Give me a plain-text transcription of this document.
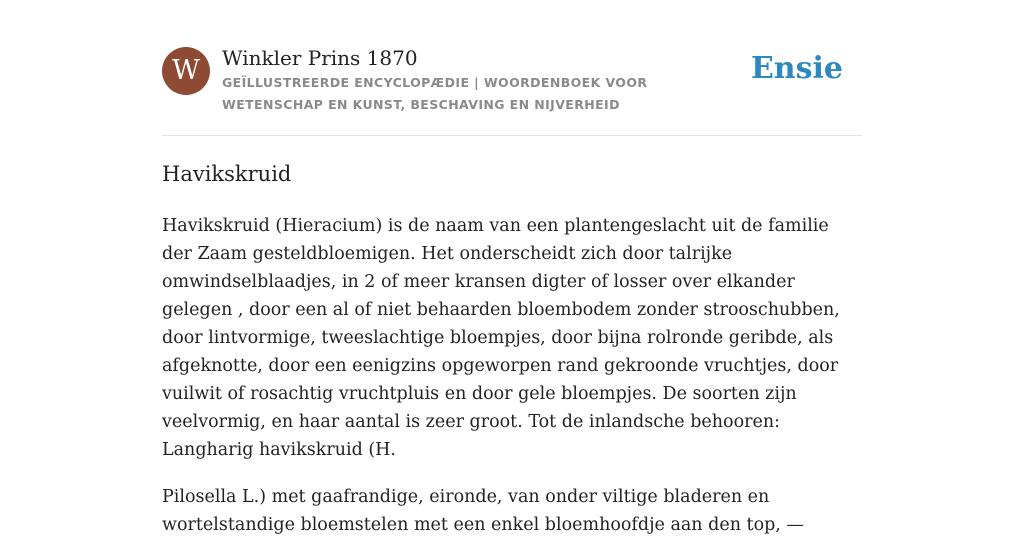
W	Winkler Prins 1870
GEÏLLUSTREERDE ENCYCLOPÆDIE | WOORDENBOEK VOOR WETENSCHAP EN KUNST, BESCHAVING EN NIJVERHEID
Ensie
Havikskruid

Havikskruid (Hieracium) is de naam van een plantengeslacht uit de familie der Zaam gesteldbloemigen. Het onderscheidt zich door talrijke omwindselblaadjes, in 2 of meer kransen digter of losser over elkander gelegen , door een al of niet behaarden bloembodem zonder strooschubben, door lintvormige, tweeslachtige bloempjes, door bijna rolronde geribde, als afgeknotte, door een eenigzins opgeworpen rand gekroonde vruchtjes, door vuilwit of rosachtig vruchtpluis en door gele bloempjes. De soorten zijn veelvormig, en haar aantal is zeer groot. Tot de inlandsche behooren: Langharig havikskruid (H.

Pilosella L.) met gaafrandige, eironde, van onder viltige bladeren en wortelstandige bloemstelen met een enkel bloemhoofdje aan den top, —
